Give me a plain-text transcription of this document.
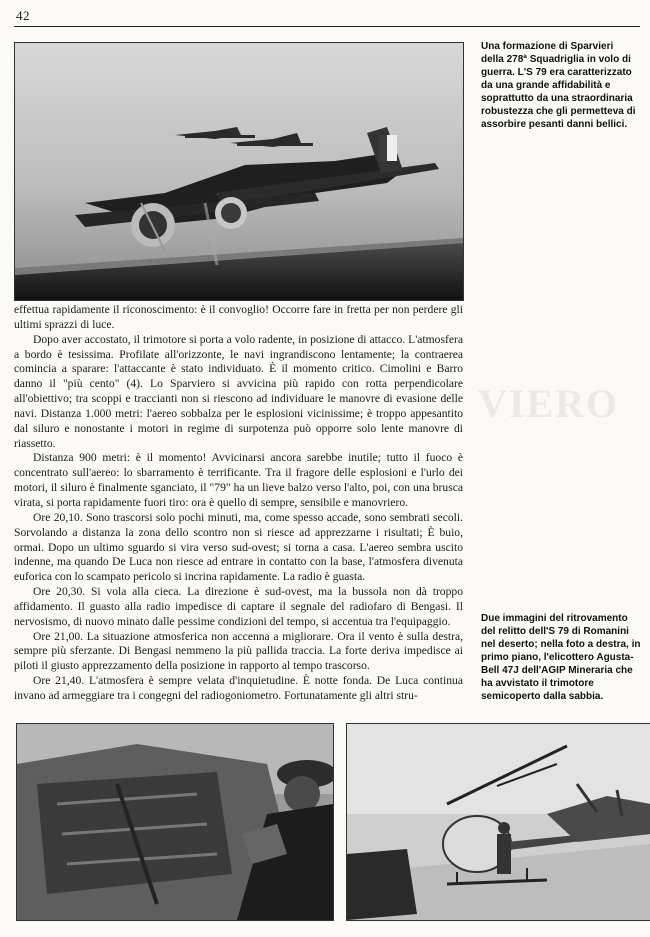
42
Una formazione di Sparvieri della 278ª Squadriglia in volo di guerra. L'S 79 era caratterizzato da una grande affidabilità e soprattutto da una straordinaria robustezza che gli permetteva di assorbire pesanti danni bellici.
VIERO

effettua rapidamente il riconoscimento: è il convoglio! Occorre fare in fretta per non perdere gli ultimi sprazzi di luce.

Dopo aver accostato, il trimotore si porta a volo radente, in posizione di attacco. L'atmosfera a bordo è tesissima. Profilate all'orizzonte, le navi ingrandiscono lentamente; la contraerea comincia a sparare: l'attaccante è stato individuato. È il momento critico. Cimolini e Barro danno il "più cento" (4). Lo Sparviero si avvicina più rapido con rotta perpendicolare all'obiettivo; tra scoppi e traccianti non si riescono ad individuare le manovre di evasione delle navi. Distanza 1.000 metri: l'aereo sobbalza per le esplosioni vicinissime; è troppo appesantito dal siluro e nonostante i motori in regime di surpotenza può opporre solo lente manovre di riassetto.

Distanza 900 metri: è il momento! Avvicinarsi ancora sarebbe inutile; tutto il fuoco è concentrato sull'aereo: lo sbarramento è terrificante. Tra il fragore delle esplosioni e l'urlo dei motori, il siluro è finalmente sganciato, il "79" ha un lieve balzo verso l'alto, poi, con una brusca virata, si porta rapidamente fuori tiro: ora è quello di sempre, sensibile e manovriero.

Ore 20,10. Sono trascorsi solo pochi minuti, ma, come spesso accade, sono sembrati secoli. Sorvolando a distanza la zona dello scontro non si riesce ad apprezzarne i risultati; È buio, ormai. Dopo un ultimo sguardo si vira verso sud-ovest; si torna a casa. L'aereo sembra uscito indenne, ma quando De Luca non riesce ad entrare in contatto con la base, l'atmosfera divenuta euforica con lo scampato pericolo si incrina rapidamente. La radio è guasta.

Ore 20,30. Si vola alla cieca. La direzione è sud-ovest, ma la bussola non dà troppo affidamento. Il guasto alla radio impedisce di captare il segnale del radiofaro di Bengasi. Il nervosismo, di nuovo minato dalle pessime condizioni del tempo, si accentua tra l'equipaggio.

Ore 21,00. La situazione atmosferica non accenna a migliorare. Ora il vento è sulla destra, sempre più sferzante. Di Bengasi nemmeno la più pallida traccia. La forte deriva impedisce ai piloti il giusto apprezzamento della posizione in rapporto al tempo trascorso.

Ore 21,40. L'atmosfera è sempre velata d'inquietudine. È notte fonda. De Luca continua invano ad armeggiare tra i congegni del radiogoniometro. Fortunatamente gli altri stru-

Due immagini del ritrovamento del relitto dell'S 79 di Romanini nel deserto; nella foto a destra, in primo piano, l'elicottero Agusta-Bell 47J dell'AGIP Mineraria che ha avvistato il trimotore semicoperto dalla sabbia.
